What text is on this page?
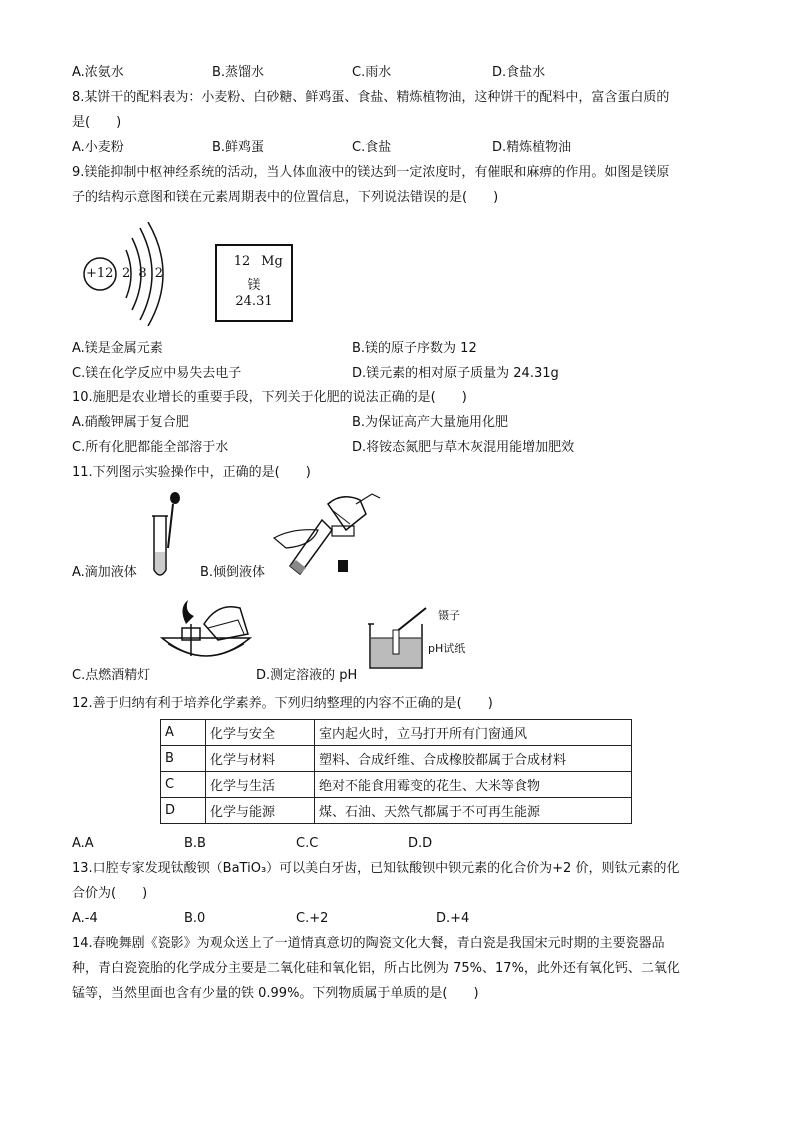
A.浓氨水	B.蒸馏水	C.雨水	D.食盐水
8.某饼干的配料表为：小麦粉、白砂糖、鲜鸡蛋、食盐、精炼植物油，这种饼干的配料中，富含蛋白质的
是(　　)
A.小麦粉	B.鲜鸡蛋	C.食盐	D.精炼植物油
9.镁能抑制中枢神经系统的活动，当人体血液中的镁达到一定浓度时，有催眠和麻痹的作用。如图是镁原
子的结构示意图和镁在元素周期表中的位置信息，下列说法错误的是(　　)
+12 2 8 2
12 Mg
镁
24.31
A.镁是金属元素	B.镁的原子序数为 12
C.镁在化学反应中易失去电子	D.镁元素的相对原子质量为 24.31g
10.施肥是农业增长的重要手段，下列关于化肥的说法正确的是(　　)
A.硝酸钾属于复合肥	B.为保证高产大量施用化肥
C.所有化肥都能全部溶于水	D.将铵态氮肥与草木灰混用能增加肥效
11.下列图示实验操作中，正确的是(　　)
A.滴加液体	B.倾倒液体
镊子
pH试纸
C.点燃酒精灯	D.测定溶液的 pH
12.善于归纳有利于培养化学素养。下列归纳整理的内容不正确的是(　　)
A	化学与安全	室内起火时，立马打开所有门窗通风
B	化学与材料	塑料、合成纤维、合成橡胶都属于合成材料
C	化学与生活	绝对不能食用霉变的花生、大米等食物
D	化学与能源	煤、石油、天然气都属于不可再生能源
A.A	B.B	C.C	D.D
13.口腔专家发现钛酸钡（BaTiO₃）可以美白牙齿，已知钛酸钡中钡元素的化合价为+2 价，则钛元素的化
合价为(　　)
A.-4	B.0	C.+2	D.+4
14.春晚舞剧《瓷影》为观众送上了一道情真意切的陶瓷文化大餐，青白瓷是我国宋元时期的主要瓷器品
种，青白瓷瓷胎的化学成分主要是二氧化硅和氧化铝，所占比例为 75%、17%，此外还有氧化钙、二氧化
锰等，当然里面也含有少量的铁 0.99%。下列物质属于单质的是(　　)
